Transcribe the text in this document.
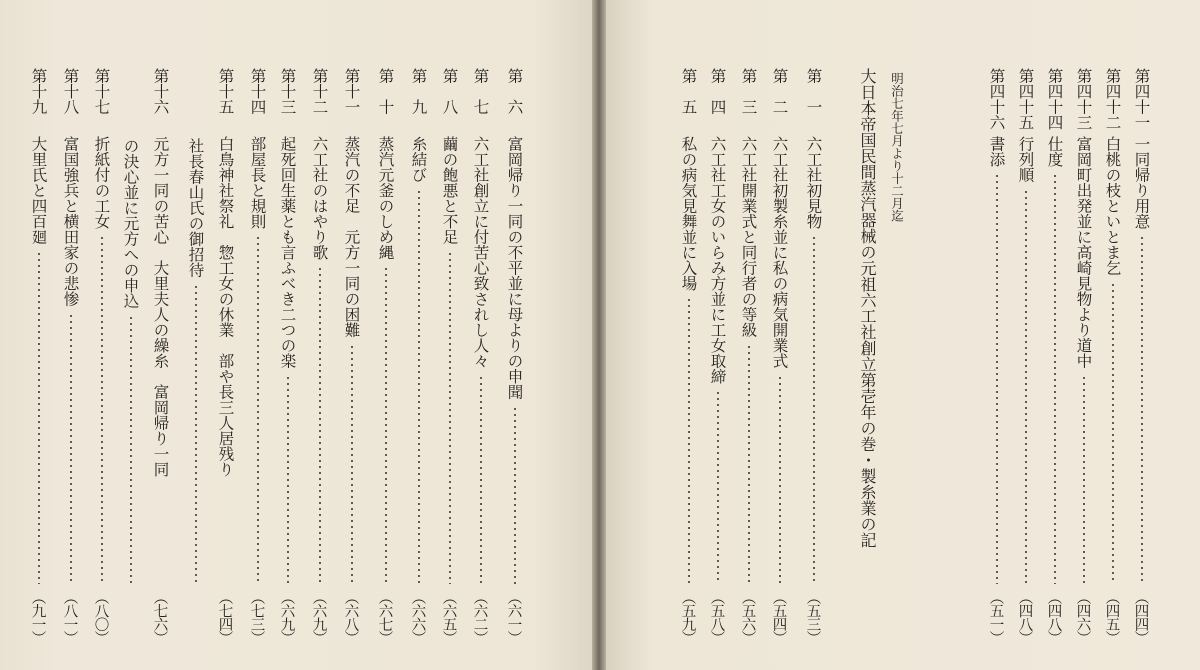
明治七年七月より十二月迄
大日本帝国民間蒸汽器械の元祖六工社創立第壱年の巻・製糸業の記
第　六
富岡帰り一同の不平並に母よりの申聞
（六一）
第　七
六工社創立に付苦心致されし人々
（六二）
第　八
繭の飽悪と不足
（六五）
第　九
糸結び
（六六）
第　十
蒸汽元釜のしめ縄
（六七）
第十一
蒸汽の不足　元方一同の困難
（六八）
第十二
六工社のはやり歌
（六九）
第十三
起死回生薬とも言ふべき二つの楽
（六九）
第十四
部屋長と規則
（七三）
第十五
白鳥神社祭礼　惣工女の休業　部や長三人居残り
（七四）
社長春山氏の御招待
第十六
元方一同の苦心　大里夫人の繰糸　富岡帰り一同
（七六）
の決心並に元方への申込
第十七
折紙付の工女
（八〇）
第十八
富国強兵と横田家の悲惨
（八一）
第十九
大里氏と四百廻
（九一）
第　五
私の病気見舞並に入場
（五九）
第　四
六工社工女のいらみ方並に工女取締
（五八）
第　三
六工社開業式と同行者の等級
（五六）
第　二
六工社初製糸並に私の病気開業式
（五四）
第　一
六工社初見物
（五三）
第四十六
書添
（五一）
第四十五
行列順
（四八）
第四十四
仕度
（四八）
第四十三
富岡町出発並に高崎見物より道中
（四六）
第四十二
白桃の枝といとま乞
（四五）
第四十一
一同帰り用意
（四四）
